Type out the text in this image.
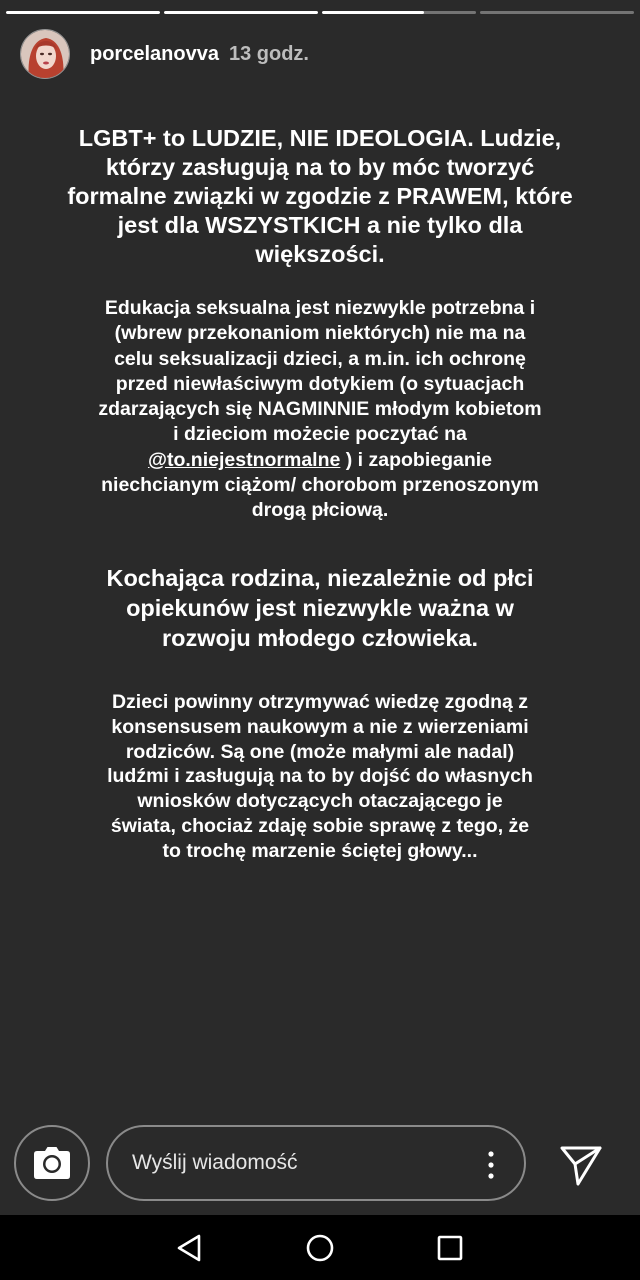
porcelanovva 13 godz.
LGBT+ to LUDZIE, NIE IDEOLOGIA. Ludzie,
którzy zasługują na to by móc tworzyć
formalne związki w zgodzie z PRAWEM, które
jest dla WSZYSTKICH a nie tylko dla
większości.
Edukacja seksualna jest niezwykle potrzebna i
(wbrew przekonaniom niektórych) nie ma na
celu seksualizacji dzieci, a m.in. ich ochronę
przed niewłaściwym dotykiem (o sytuacjach
zdarzających się NAGMINNIE młodym kobietom
i dzieciom możecie poczytać na
@to.niejestnormalne ) i zapobieganie
niechcianym ciążom/ chorobom przenoszonym
drogą płciową.
Kochająca rodzina, niezależnie od płci
opiekunów jest niezwykle ważna w
rozwoju młodego człowieka.
Dzieci powinny otrzymywać wiedzę zgodną z
konsensusem naukowym a nie z wierzeniami
rodziców. Są one (może małymi ale nadal)
ludźmi i zasługują na to by dojść do własnych
wniosków dotyczących otaczającego je
świata, chociaż zdaję sobie sprawę z tego, że
to trochę marzenie ściętej głowy...
Wyślij wiadomość
